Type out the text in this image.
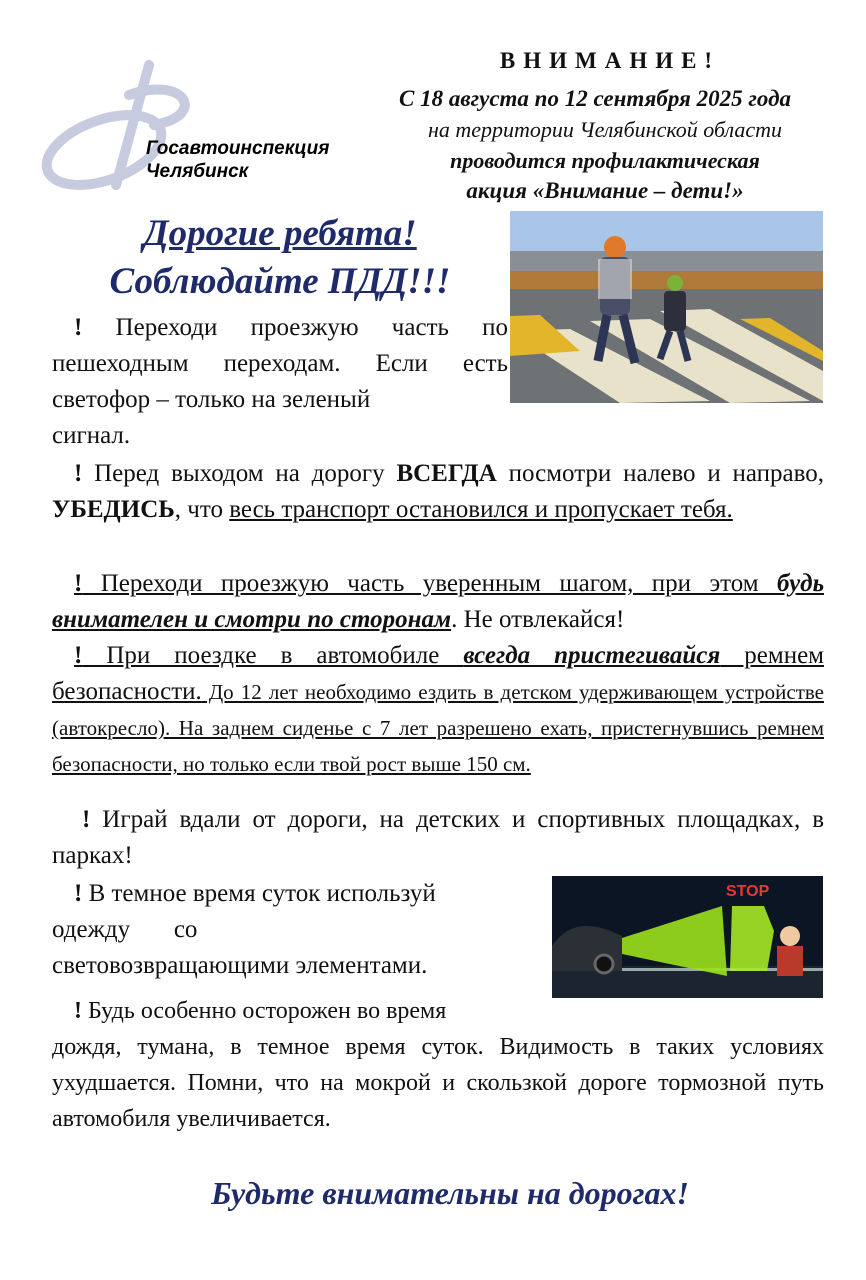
Госавтоинспекция
Челябинск
ВНИМАНИЕ!
С 18 августа по 12 сентября 2025 года
на территории Челябинской области
проводится профилактическая
акция «Внимание – дети!»
Дорогие ребята!
Соблюдайте ПДД!!!
! Переходи проезжую часть по пешеходным переходам. Если есть светофор – только на зеленый
сигнал.
! Перед выходом на дорогу ВСЕГДА посмотри налево и направо, УБЕДИСЬ, что весь транспорт остановился и пропускает тебя.
! Переходи проезжую часть уверенным шагом, при этом будь внимателен и смотри по сторонам. Не отвлекайся!
! При поездке в автомобиле всегда пристегивайся ремнем безопасности. До 12 лет необходимо ездить в детском удерживающем устройстве (автокресло). На заднем сиденье с 7 лет разрешено ехать, пристегнувшись ремнем безопасности, но только если твой рост выше 150 см.
! Играй вдали от дороги, на детских и спортивных площадках, в парках!
STOP
! В темное время суток используй
одежду       со
световозвращающими элементами.
! Будь особенно осторожен во время
дождя, тумана, в темное время суток. Видимость в таких условиях ухудшается. Помни, что на мокрой и скользкой дороге тормозной путь автомобиля увеличивается.
Будьте внимательны на дорогах!
